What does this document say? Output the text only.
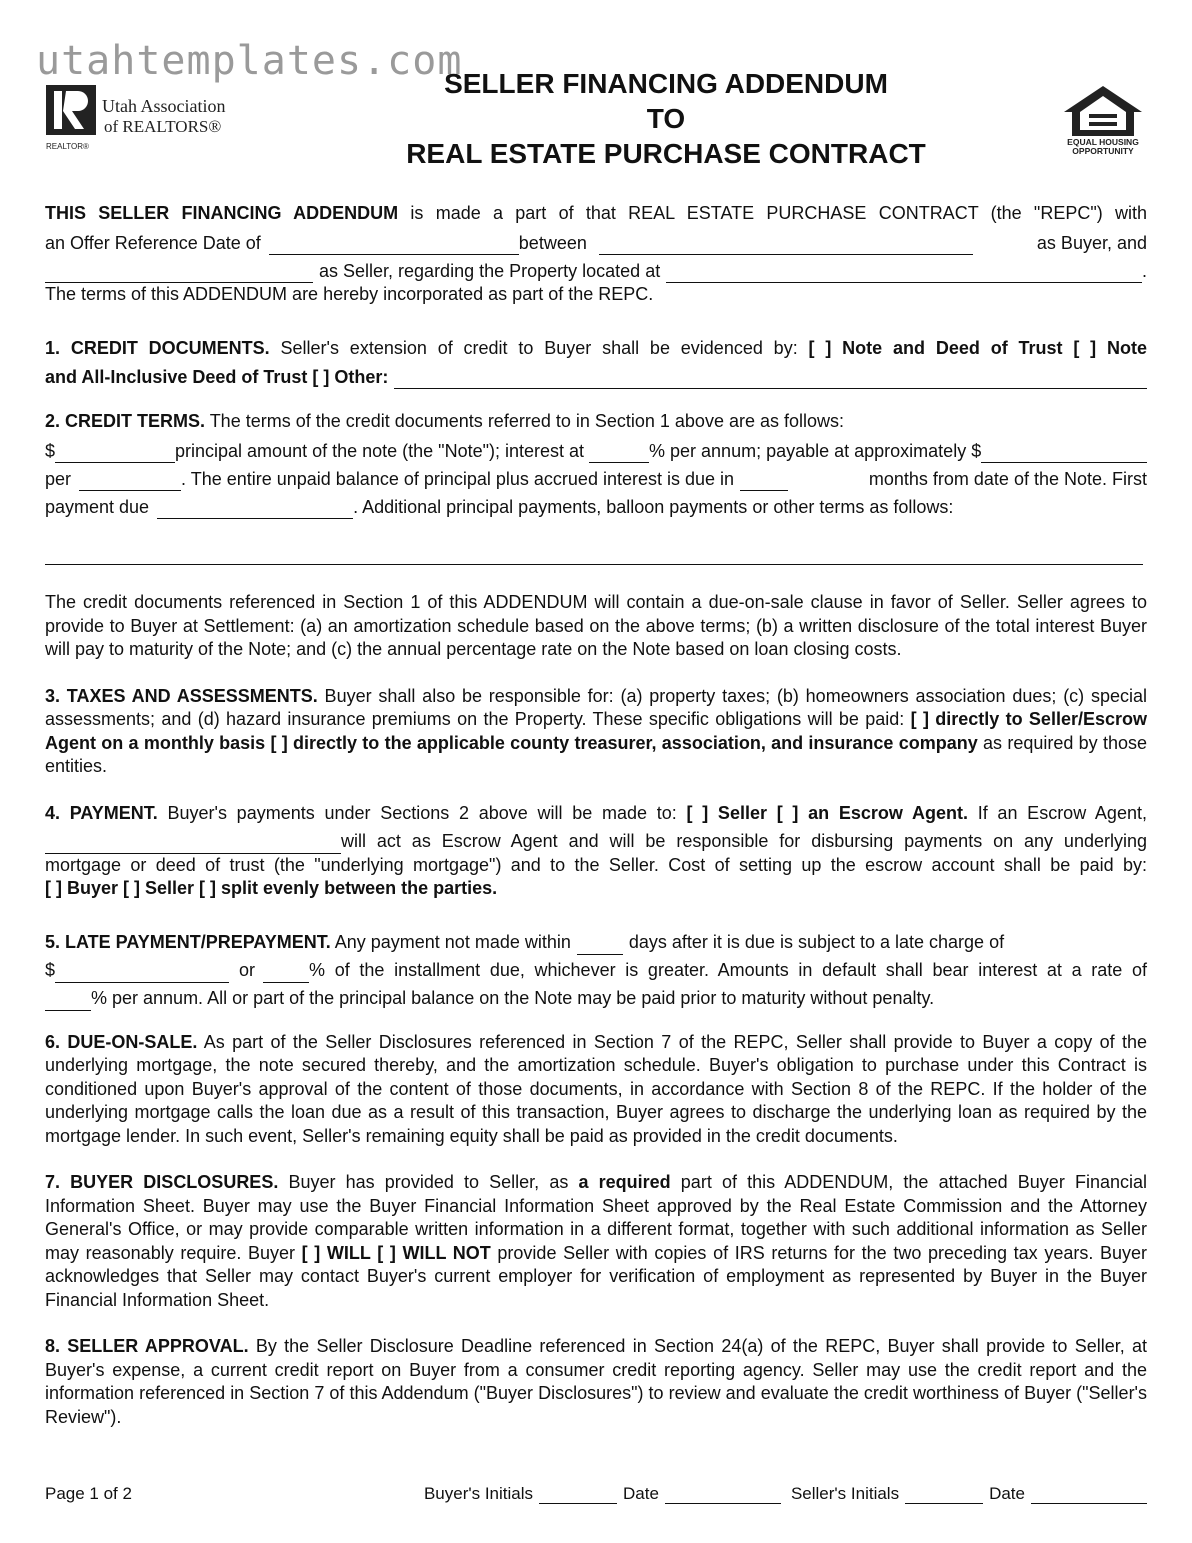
utahtemplates.com
Utah Association
of REALTORS®
REALTOR®	EQUAL HOUSING
OPPORTUNITY
SELLER FINANCING ADDENDUM
TO
REAL ESTATE PURCHASE CONTRACT
THIS SELLER FINANCING ADDENDUM is made a part of that REAL ESTATE PURCHASE CONTRACT (the "REPC") with
an Offer Reference Date of	between	as Buyer, and
as Seller, regarding the Property located at	.
The terms of this ADDENDUM are hereby incorporated as part of the REPC.
1. CREDIT DOCUMENTS. Seller's extension of credit to Buyer shall be evidenced by: [ ] Note and Deed of Trust [ ] Note
and All-Inclusive Deed of Trust [ ] Other:
2. CREDIT TERMS. The terms of the credit documents referred to in Section 1 above are as follows:
$	principal amount of the note (the "Note"); interest at	% per annum; payable at approximately $
per	. The entire unpaid balance of principal plus accrued interest is due in	months from date of the Note. First
payment due	. Additional principal payments, balloon payments or other terms as follows:

The credit documents referenced in Section 1 of this ADDENDUM will contain a due-on-sale clause in favor of Seller. Seller agrees to provide to Buyer at Settlement: (a) an amortization schedule based on the above terms; (b) a written disclosure of the total interest Buyer will pay to maturity of the Note; and (c) the annual percentage rate on the Note based on loan closing costs.

3. TAXES AND ASSESSMENTS. Buyer shall also be responsible for: (a) property taxes; (b) homeowners association dues; (c) special assessments; and (d) hazard insurance premiums on the Property. These specific obligations will be paid: [ ] directly to Seller/Escrow Agent on a monthly basis [ ] directly to the applicable county treasurer, association, and insurance company as required by those entities.

4. PAYMENT. Buyer's payments under Sections 2 above will be made to: [ ] Seller [ ] an Escrow Agent. If an Escrow Agent,
will act as Escrow Agent and will be responsible for disbursing payments on any underlying
mortgage or deed of trust (the "underlying mortgage") and to the Seller. Cost of setting up the escrow account shall be paid by:
[ ] Buyer [ ] Seller [ ] split evenly between the parties.
5. LATE PAYMENT/PREPAYMENT. Any payment not made within	days after it is due is subject to a late charge of
$	or	% of the installment due, whichever is greater. Amounts in default shall bear interest at a rate of
% per annum. All or part of the principal balance on the Note may be paid prior to maturity without penalty.

6. DUE-ON-SALE. As part of the Seller Disclosures referenced in Section 7 of the REPC, Seller shall provide to Buyer a copy of the underlying mortgage, the note secured thereby, and the amortization schedule. Buyer's obligation to purchase under this Contract is conditioned upon Buyer's approval of the content of those documents, in accordance with Section 8 of the REPC. If the holder of the underlying mortgage calls the loan due as a result of this transaction, Buyer agrees to discharge the underlying loan as required by the mortgage lender. In such event, Seller's remaining equity shall be paid as provided in the credit documents.

7. BUYER DISCLOSURES. Buyer has provided to Seller, as a required part of this ADDENDUM, the attached Buyer Financial Information Sheet. Buyer may use the Buyer Financial Information Sheet approved by the Real Estate Commission and the Attorney General's Office, or may provide comparable written information in a different format, together with such additional information as Seller may reasonably require. Buyer [ ] WILL [ ] WILL NOT provide Seller with copies of IRS returns for the two preceding tax years. Buyer acknowledges that Seller may contact Buyer's current employer for verification of employment as represented by Buyer in the Buyer Financial Information Sheet.

8. SELLER APPROVAL. By the Seller Disclosure Deadline referenced in Section 24(a) of the REPC, Buyer shall provide to Seller, at Buyer's expense, a current credit report on Buyer from a consumer credit reporting agency. Seller may use the credit report and the information referenced in Section 7 of this Addendum ("Buyer Disclosures") to review and evaluate the credit worthiness of Buyer ("Seller's Review").

Page 1 of 2	Buyer's Initials	Date	Seller's Initials	Date
